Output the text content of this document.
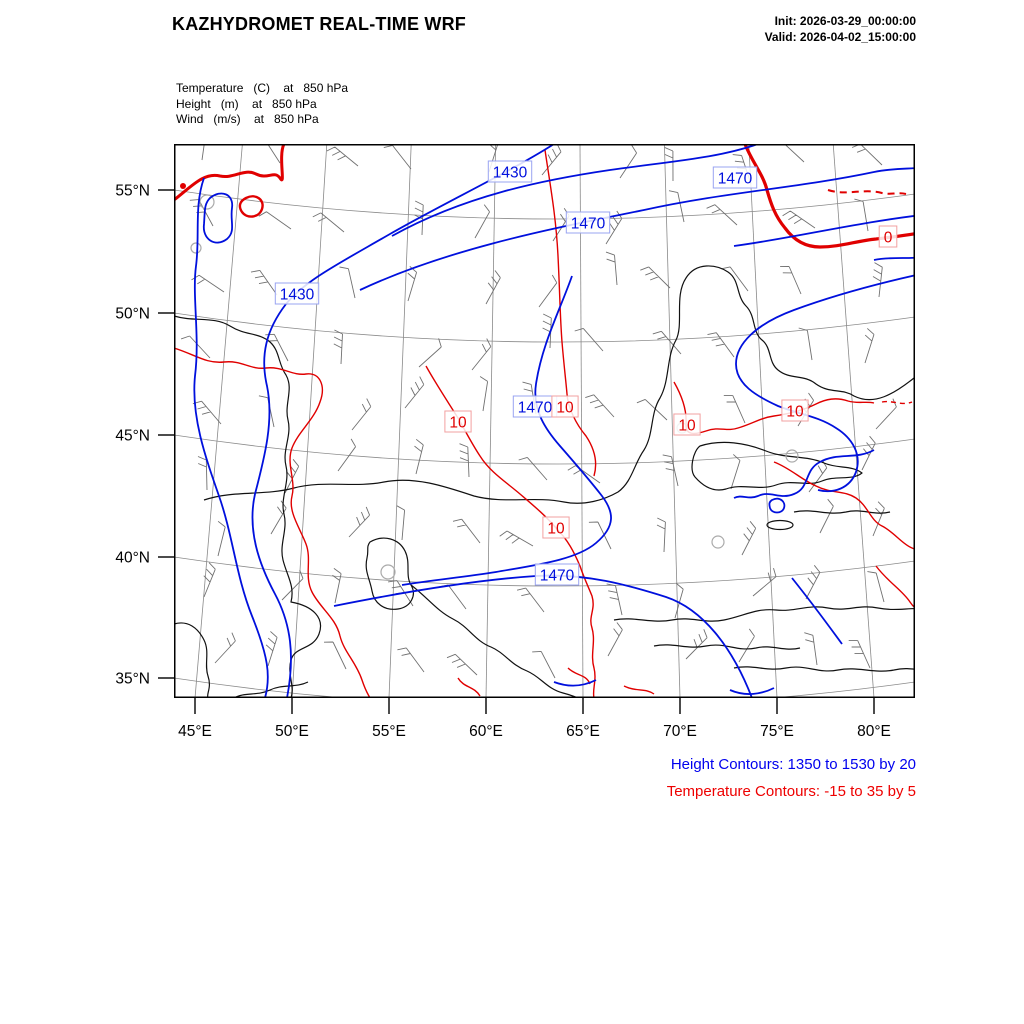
KAZHYDROMET REAL-TIME WRF	Init: 2026-03-29_00:00:00
Valid: 2026-04-02_15:00:00
Temperature   (C)    at   850 hPa
Height   (m)    at   850 hPa
Wind   (m/s)    at   850 hPa
55°N
50°N
45°N
40°N
35°N
45°E	50°E	55°E	60°E	65°E	70°E	75°E	80°E
1430	1470
1470
1430
1470
1470
0
10
10
10
10
10
Height Contours: 1350 to 1530 by 20
Temperature Contours: -15 to 35 by 5
